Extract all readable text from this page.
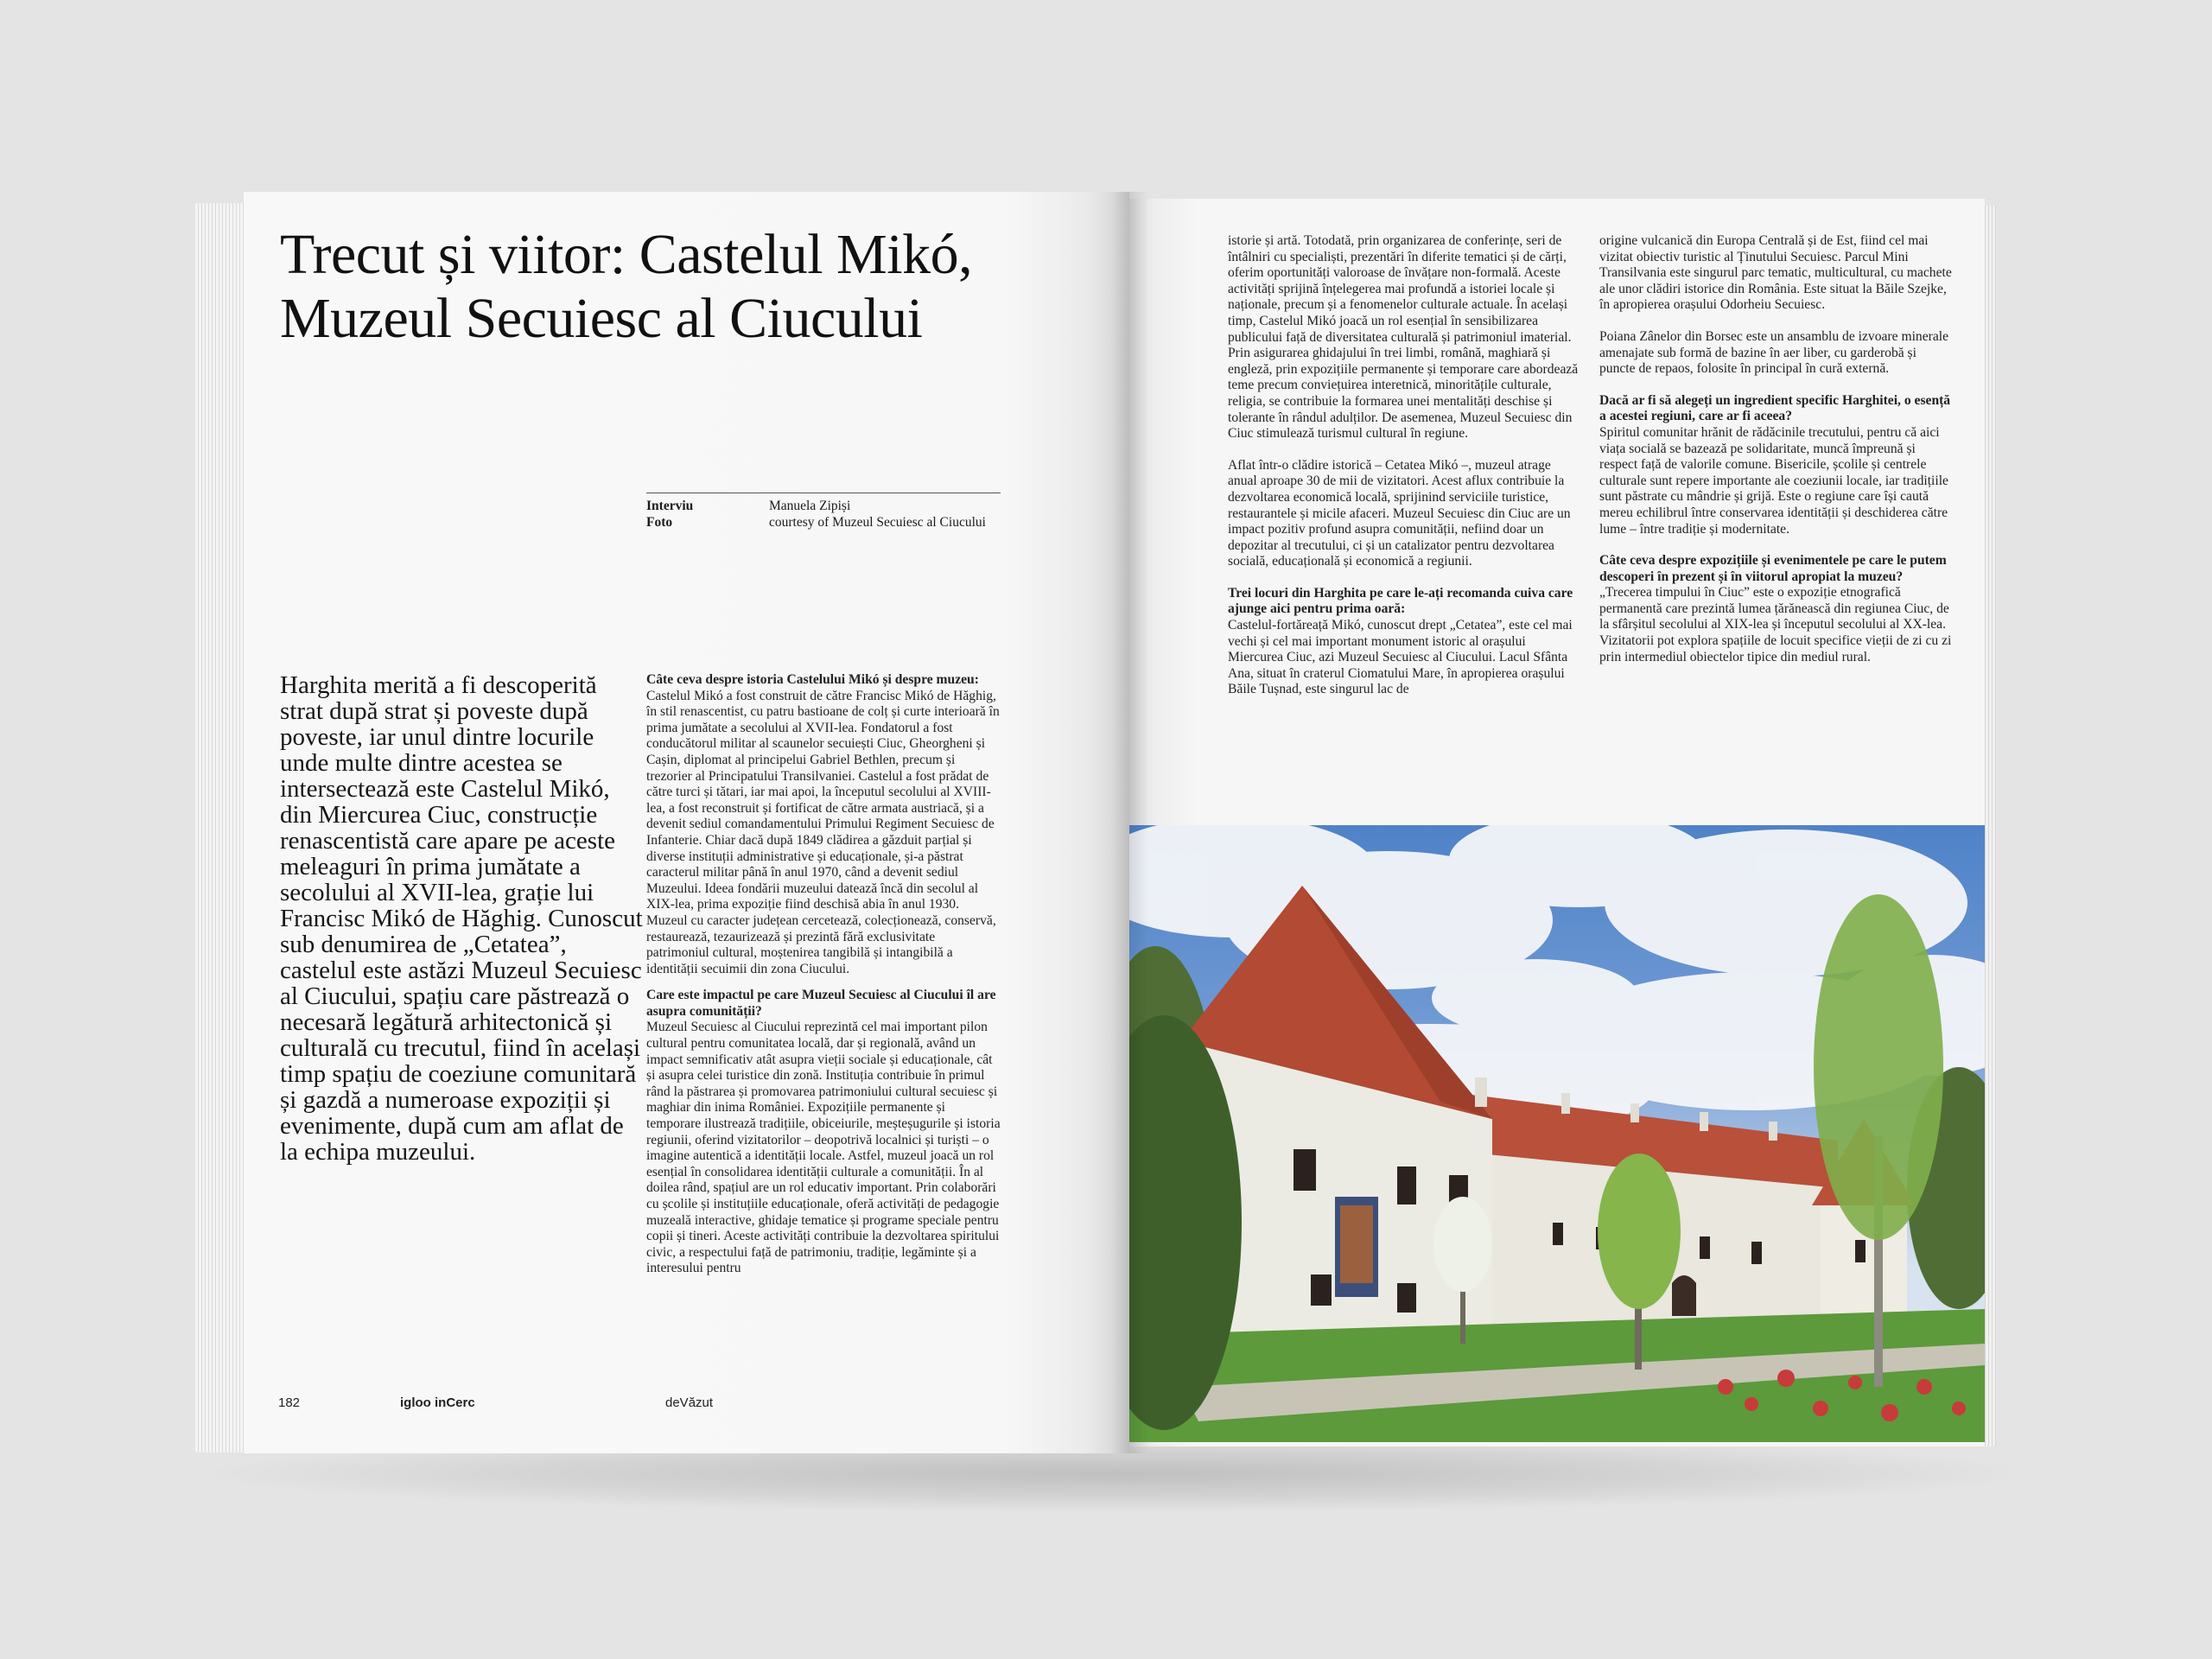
Trecut și viitor: Castelul Mikó,
Muzeul Secuiesc al Ciucului
Interviu	Manuela Zipiși
Foto	courtesy of Muzeul Secuiesc al Ciucului

Harghita merită a fi descoperită strat după strat și poveste după poveste, iar unul dintre locurile unde multe dintre acestea se intersectează este Castelul Mikó, din Miercurea Ciuc, construcție renascentistă care apare pe aceste meleaguri în prima jumătate a secolului al XVII-lea, grație lui Francisc Mikó de Hăghig. Cunoscut sub denumirea de „Cetatea”, castelul este astăzi Muzeul Secuiesc al Ciucului, spațiu care păstrează o necesară legătură arhitectonică și culturală cu trecutul, fiind în același timp spațiu de coeziune comunitară și gazdă a numeroase expoziții și evenimente, după cum am aflat de la echipa muzeului.

Câte ceva despre istoria Castelului Mikó și despre muzeu:

Castelul Mikó a fost construit de către Francisc Mikó de Hăghig, în stil renascentist, cu patru bastioane de colț și curte interioară în prima jumătate a secolului al XVII-lea. Fondatorul a fost conducătorul militar al scaunelor secuiești Ciuc, Gheorgheni și Cașin, diplomat al principelui Gabriel Bethlen, precum și trezorier al Principatului Transilvaniei. Castelul a fost prădat de către turci și tătari, iar mai apoi, la începutul secolului al XVIII-lea, a fost reconstruit și fortificat de către armata austriacă, și a devenit sediul comandamentului Primului Regiment Secuiesc de Infanterie. Chiar dacă după 1849 clădirea a găzduit parțial și diverse instituții administrative și educaționale, și-a păstrat caracterul militar până în anul 1970, când a devenit sediul Muzeului. Ideea fondării muzeului datează încă din secolul al XIX-lea, prima expoziție fiind deschisă abia în anul 1930. Muzeul cu caracter județean cercetează, colecționează, conservă, restaurează, tezaurizează și prezintă fără exclusivitate patrimoniul cultural, moștenirea tangibilă și intangibilă a identității secuimii din zona Ciucului.

Care este impactul pe care Muzeul Secuiesc al Ciucului îl are asupra comunității?

Muzeul Secuiesc al Ciucului reprezintă cel mai important pilon cultural pentru comunitatea locală, dar și regională, având un impact semnificativ atât asupra vieții sociale și educaționale, cât și asupra celei turistice din zonă. Instituția contribuie în primul rând la păstrarea și promovarea patrimoniului cultural secuiesc și maghiar din inima României. Expozițiile permanente și temporare ilustrează tradițiile, obiceiurile, meșteșugurile și istoria regiunii, oferind vizitatorilor – deopotrivă localnici și turiști – o imagine autentică a identității locale. Astfel, muzeul joacă un rol esențial în consolidarea identității culturale a comunității. În al doilea rând, spațiul are un rol educativ important. Prin colaborări cu școlile și instituțiile educaționale, oferă activități de pedagogie muzeală interactive, ghidaje tematice și programe speciale pentru copii și tineri. Aceste activități contribuie la dezvoltarea spiritului civic, a respectului față de patrimoniu, tradiție, legăminte și a interesului pentru

182	igloo inCerc	deVăzut

istorie și artă. Totodată, prin organizarea de conferințe, seri de întâlniri cu specialiști, prezentări în diferite tematici și de cărți, oferim oportunități valoroase de învățare non-formală. Aceste activități sprijină înțelegerea mai profundă a istoriei locale și naționale, precum și a fenomenelor culturale actuale. În același timp, Castelul Mikó joacă un rol esențial în sensibilizarea publicului față de diversitatea culturală și patrimoniul imaterial. Prin asigurarea ghidajului în trei limbi, română, maghiară și engleză, prin expozițiile permanente și temporare care abordează teme precum conviețuirea interetnică, minoritățile culturale, religia, se contribuie la formarea unei mentalități deschise și tolerante în rândul adulților. De asemenea, Muzeul Secuiesc din Ciuc stimulează turismul cultural în regiune.

Aflat într-o clădire istorică – Cetatea Mikó –, muzeul atrage anual aproape 30 de mii de vizitatori. Acest aflux contribuie la dezvoltarea economică locală, sprijinind serviciile turistice, restaurantele și micile afaceri. Muzeul Secuiesc din Ciuc are un impact pozitiv profund asupra comunității, nefiind doar un depozitar al trecutului, ci și un catalizator pentru dezvoltarea socială, educațională și economică a regiunii.

Trei locuri din Harghita pe care le-ați recomanda cuiva care ajunge aici pentru prima oară:

Castelul-fortăreață Mikó, cunoscut drept „Cetatea”, este cel mai vechi și cel mai important monument istoric al orașului Miercurea Ciuc, azi Muzeul Secuiesc al Ciucului. Lacul Sfânta Ana, situat în craterul Ciomatului Mare, în apropierea orașului Băile Tușnad, este singurul lac de

origine vulcanică din Europa Centrală și de Est, fiind cel mai vizitat obiectiv turistic al Ținutului Secuiesc. Parcul Mini Transilvania este singurul parc tematic, multicultural, cu machete ale unor clădiri istorice din România. Este situat la Băile Szejke, în apropierea orașului Odorheiu Secuiesc.

Poiana Zânelor din Borsec este un ansamblu de izvoare minerale amenajate sub formă de bazine în aer liber, cu garderobă și puncte de repaos, folosite în principal în cură externă.

Dacă ar fi să alegeți un ingredient specific Harghitei, o esență a acestei regiuni, care ar fi aceea?

Spiritul comunitar hrănit de rădăcinile trecutului, pentru că aici viața socială se bazează pe solidaritate, muncă împreună și respect față de valorile comune. Bisericile, școlile și centrele culturale sunt repere importante ale coeziunii locale, iar tradițiile sunt păstrate cu mândrie și grijă. Este o regiune care își caută mereu echilibrul între conservarea identității și deschiderea către lume – între tradiție și modernitate.

Câte ceva despre expozițiile și evenimentele pe care le putem descoperi în prezent și în viitorul apropiat la muzeu?

„Trecerea timpului în Ciuc” este o expoziție etnografică permanentă care prezintă lumea țărănească din regiunea Ciuc, de la sfârșitul secolului al XIX-lea și începutul secolului al XX-lea. Vizitatorii pot explora spațiile de locuit specifice vieții de zi cu zi prin intermediul obiectelor tipice din mediul rural.
